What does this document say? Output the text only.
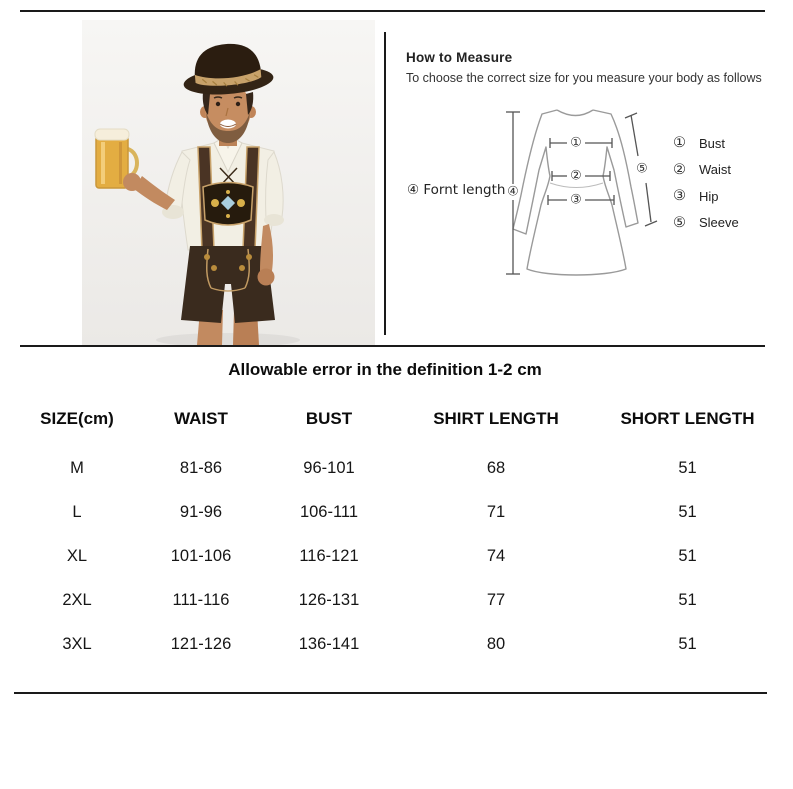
How to Measure

To choose the correct size for you measure your body as follows

④
①
②
③
⑤
④ Fornt length
① Bust
② Waist
③ Hip
⑤ Sleeve
Allowable error in the definition 1-2 cm
SIZE(cm)	WAIST	BUST	SHIRT LENGTH	SHORT LENGTH
M	81-86	96-101	68	51
L	91-96	106-111	71	51
XL	101-106	116-121	74	51
2XL	111-116	126-131	77	51
3XL	121-126	136-141	80	51
